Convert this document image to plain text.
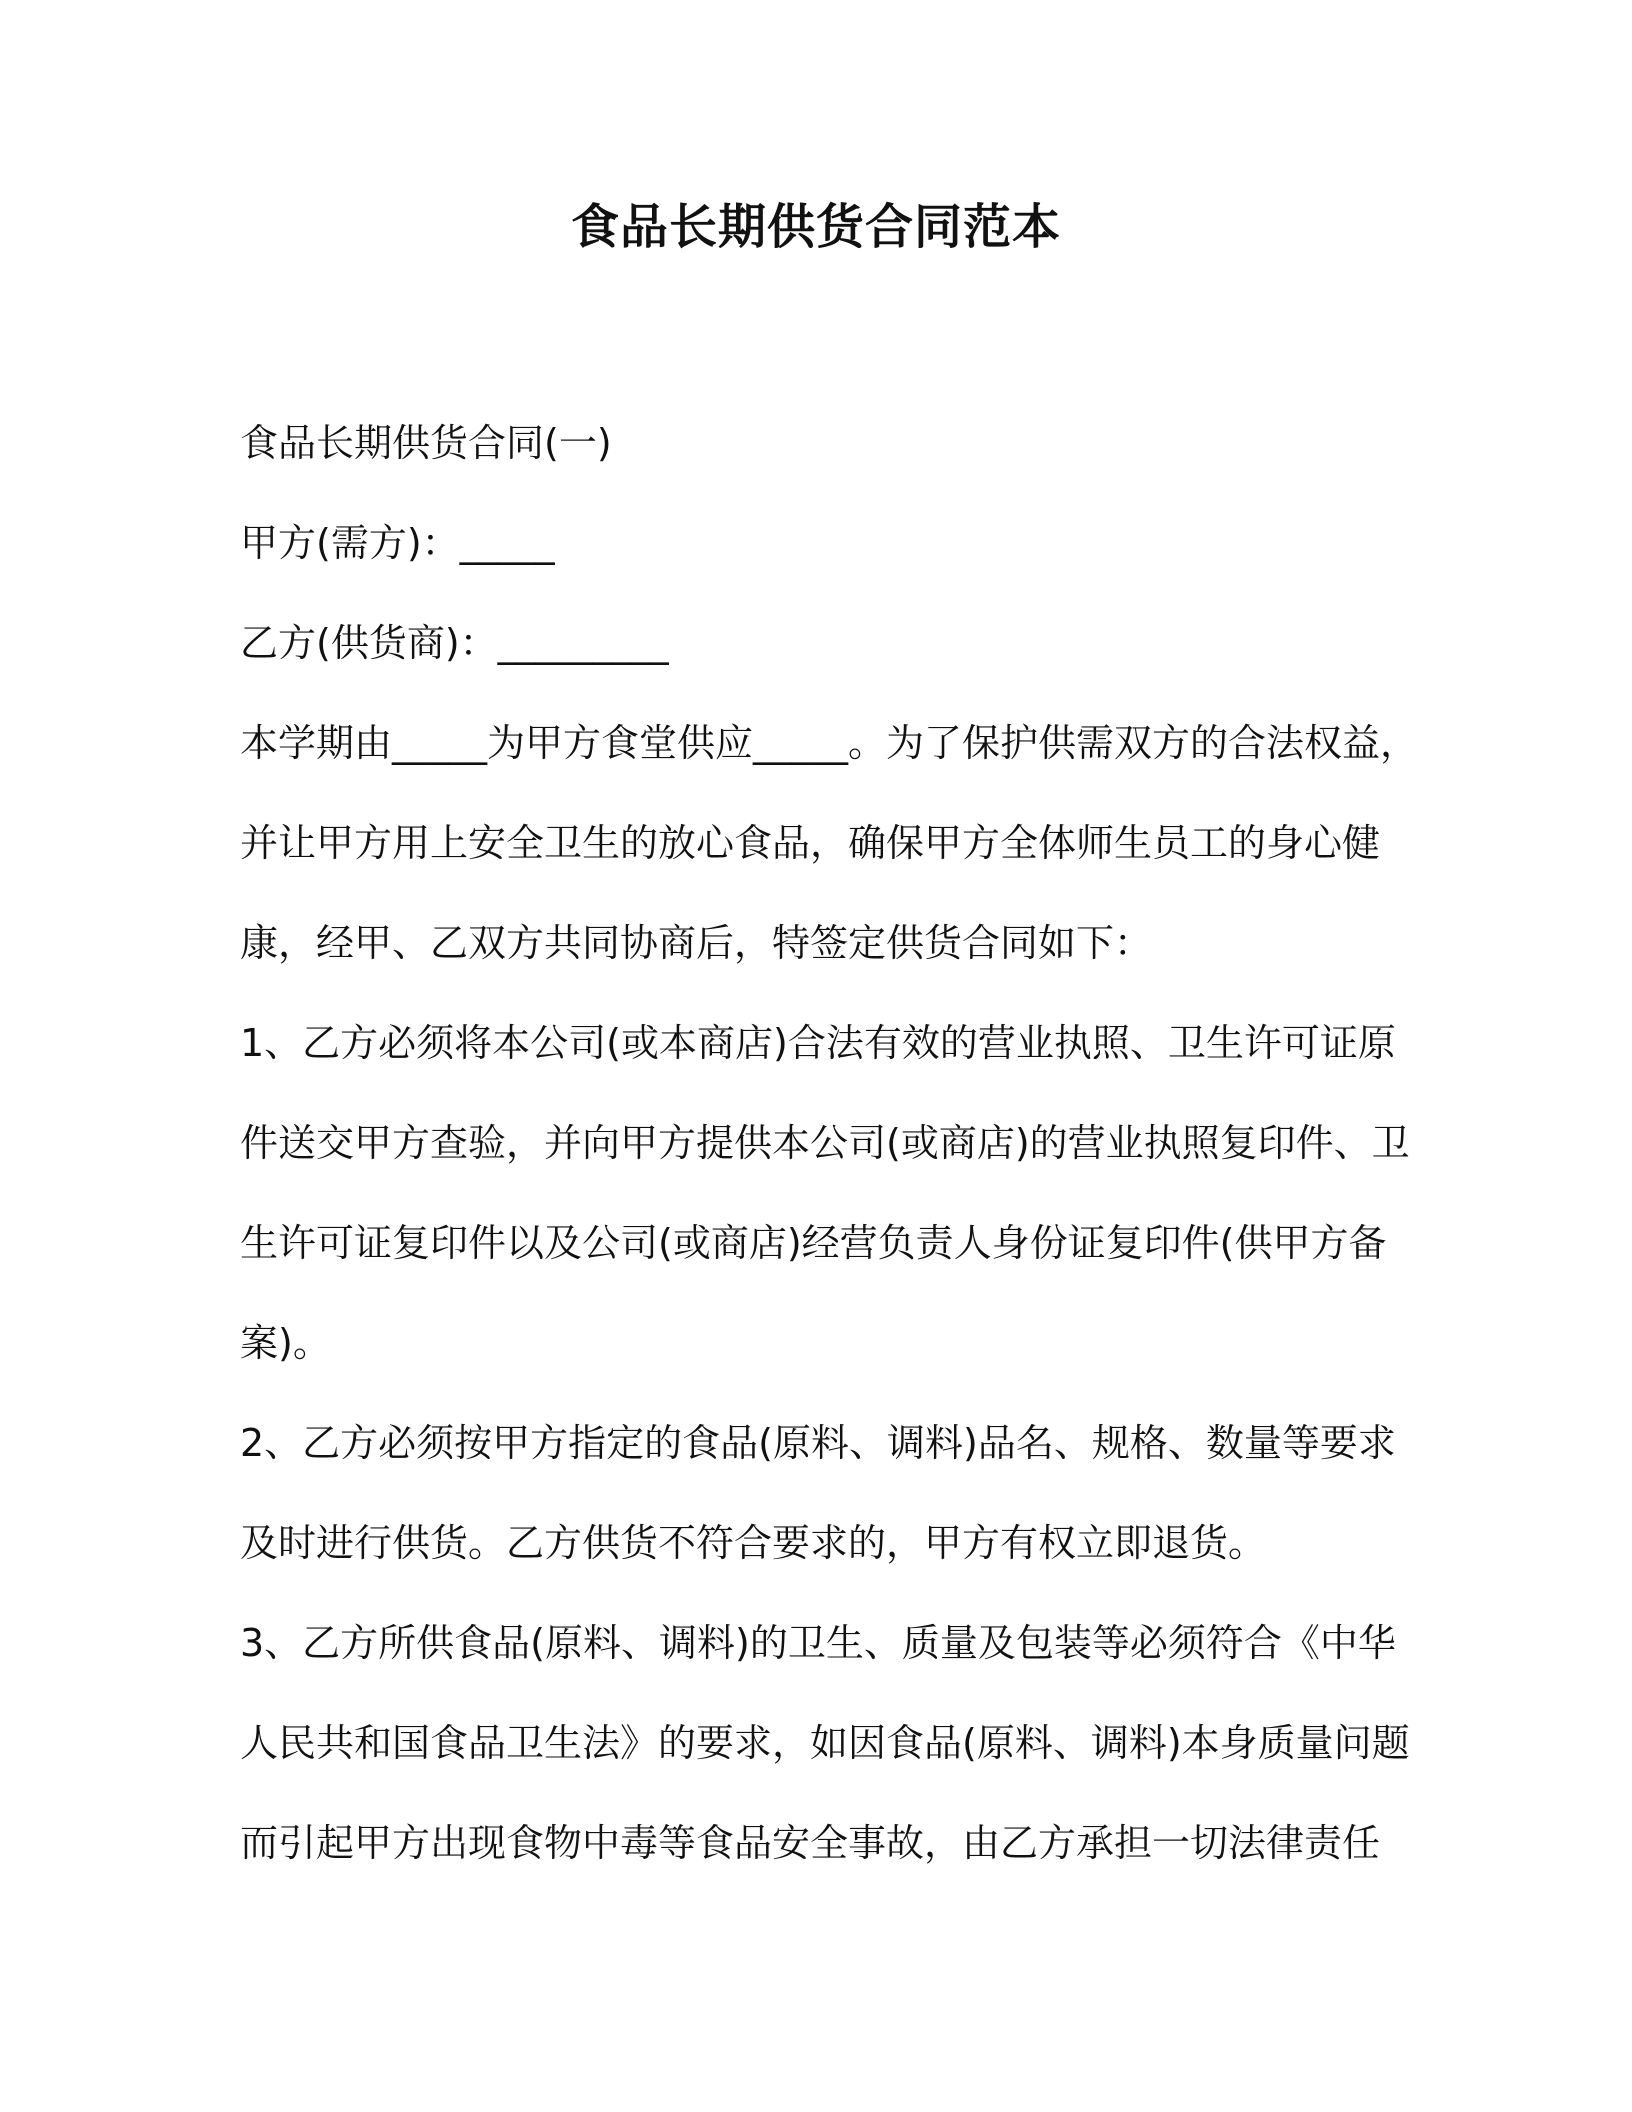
食品长期供货合同范本
食品长期供货合同(一)
甲方(需方)：_____
乙方(供货商)：_________
本学期由_____为甲方食堂供应_____。为了保护供需双方的合法权益，
并让甲方用上安全卫生的放心食品，确保甲方全体师生员工的身心健
康，经甲、乙双方共同协商后，特签定供货合同如下：
1、乙方必须将本公司(或本商店)合法有效的营业执照、卫生许可证原
件送交甲方查验，并向甲方提供本公司(或商店)的营业执照复印件、卫
生许可证复印件以及公司(或商店)经营负责人身份证复印件(供甲方备
案)。
2、乙方必须按甲方指定的食品(原料、调料)品名、规格、数量等要求
及时进行供货。乙方供货不符合要求的，甲方有权立即退货。
3、乙方所供食品(原料、调料)的卫生、质量及包装等必须符合《中华
人民共和国食品卫生法》的要求，如因食品(原料、调料)本身质量问题
而引起甲方出现食物中毒等食品安全事故，由乙方承担一切法律责任
